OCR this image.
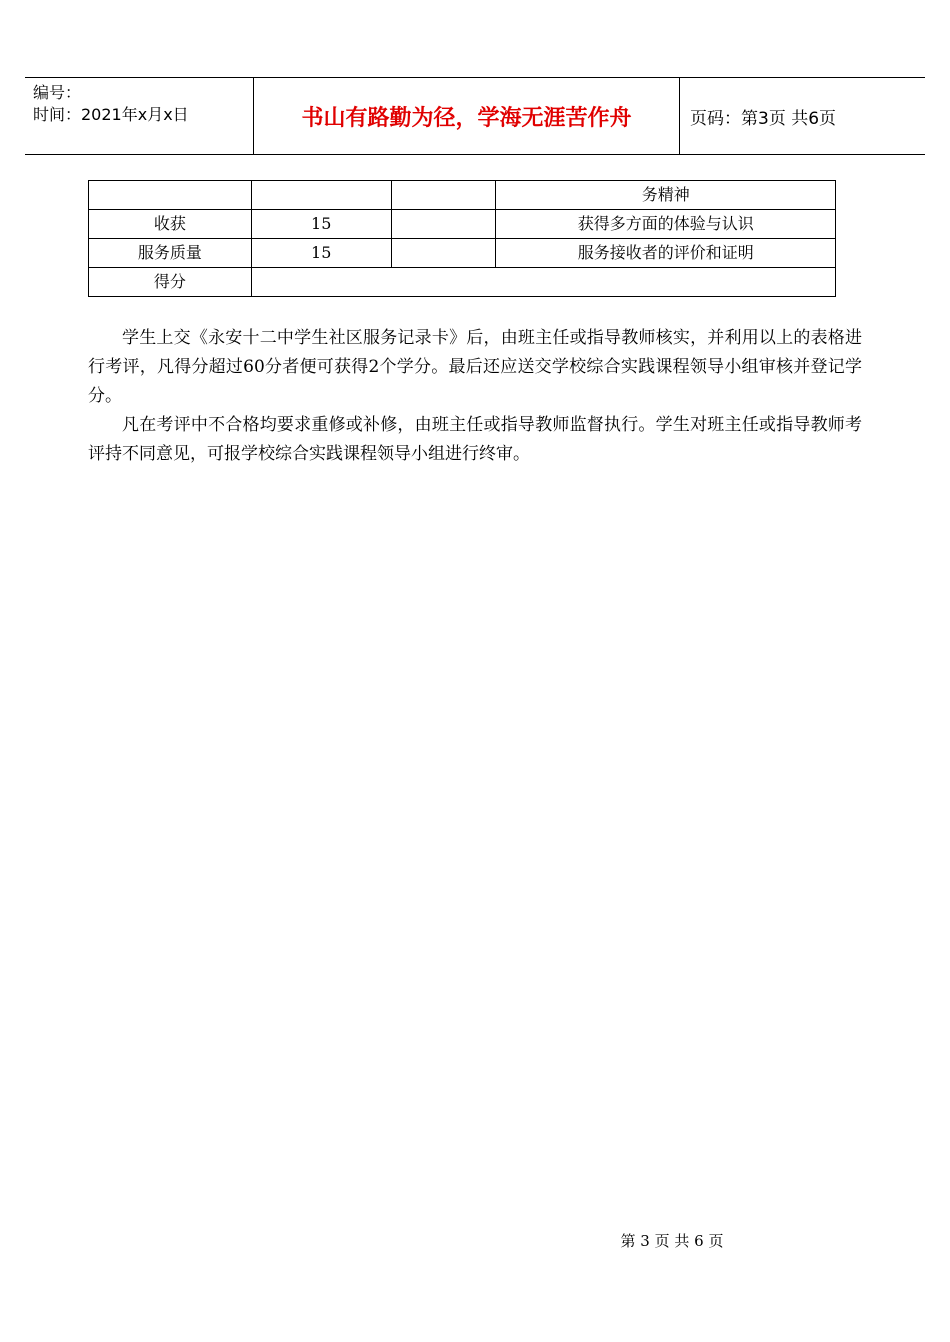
编号：
时间：2021年x月x日	书山有路勤为径，学海无涯苦作舟	页码：第3页 共6页
			务精神
收获	15		获得多方面的体验与认识
服务质量	15		服务接收者的评价和证明
得分			

学生上交《永安十二中学生社区服务记录卡》后，由班主任或指导教师核实，并利用以上的表格进行考评，凡得分超过60分者便可获得2个学分。最后还应送交学校综合实践课程领导小组审核并登记学分。

凡在考评中不合格均要求重修或补修，由班主任或指导教师监督执行。学生对班主任或指导教师考评持不同意见，可报学校综合实践课程领导小组进行终审。

第 3 页 共 6 页
